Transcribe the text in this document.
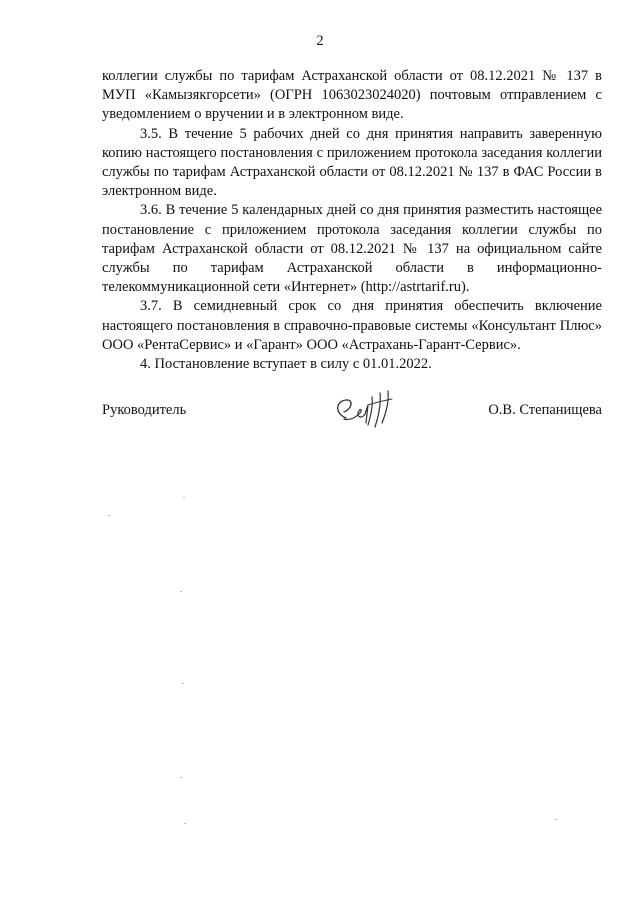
2

коллегии службы по тарифам Астраханской области от 08.12.2021 № 137 в МУП «Камызякгорсети» (ОГРН 1063023024020) почтовым отправлением с уведомлением о вручении и в электронном виде.

3.5. В течение 5 рабочих дней со дня принятия направить заверенную копию настоящего постановления с приложением протокола заседания коллегии службы по тарифам Астраханской области от 08.12.2021 № 137 в ФАС России в электронном виде.

3.6. В течение 5 календарных дней со дня принятия разместить настоящее постановление с приложением протокола заседания коллегии службы по тарифам Астраханской области от 08.12.2021 № 137 на официальном сайте службы по тарифам Астраханской области в информационно-телекоммуникационной сети «Интернет» (http://astrtarif.ru).

3.7. В семидневный срок со дня принятия обеспечить включение настоящего постановления в справочно-правовые системы «Консультант Плюс» ООО «РентаСервис» и «Гарант» ООО «Астрахань-Гарант-Сервис».

4. Постановление вступает в силу с 01.01.2022.

Руководитель	О.В. Степанищева
